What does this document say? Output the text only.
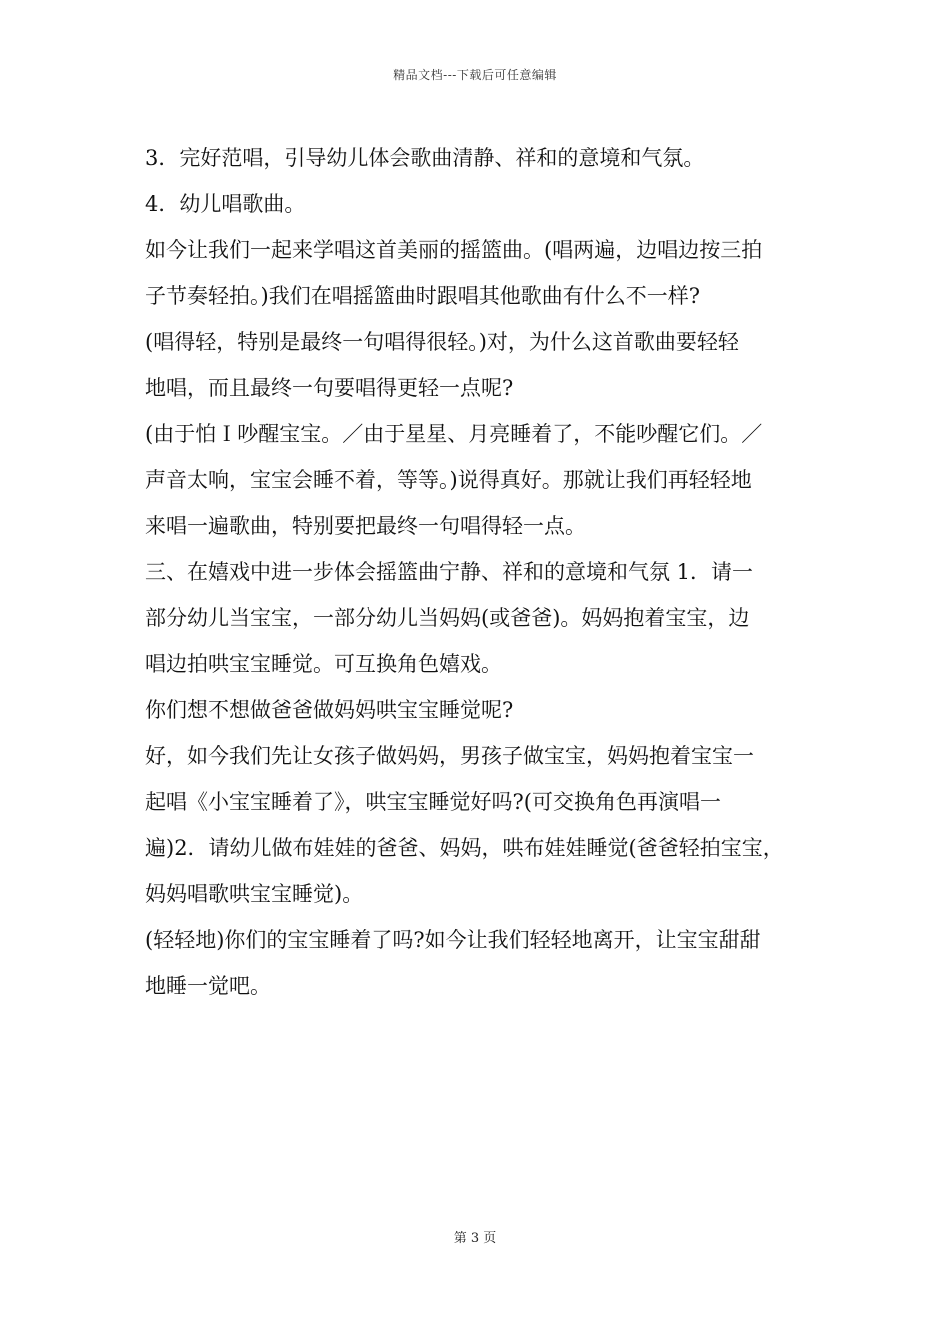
精品文档---下载后可任意编辑

3．完好范唱，引导幼儿体会歌曲清静、祥和的意境和气氛。

4．幼儿唱歌曲。

如今让我们一起来学唱这首美丽的摇篮曲。(唱两遍，边唱边按三拍

子节奏轻拍。)我们在唱摇篮曲时跟唱其他歌曲有什么不一样?

(唱得轻，特别是最终一句唱得很轻。)对，为什么这首歌曲要轻轻

地唱，而且最终一句要唱得更轻一点呢?

(由于怕Ｉ吵醒宝宝。／由于星星、月亮睡着了，不能吵醒它们。／

声音太响，宝宝会睡不着，等等。)说得真好。那就让我们再轻轻地

来唱一遍歌曲，特别要把最终一句唱得轻一点。

三、在嬉戏中进一步体会摇篮曲宁静、祥和的意境和气氛 1．请一

部分幼儿当宝宝，一部分幼儿当妈妈(或爸爸)。妈妈抱着宝宝，边

唱边拍哄宝宝睡觉。可互换角色嬉戏。

你们想不想做爸爸做妈妈哄宝宝睡觉呢?

好，如今我们先让女孩子做妈妈，男孩子做宝宝，妈妈抱着宝宝一

起唱《小宝宝睡着了》，哄宝宝睡觉好吗?(可交换角色再演唱一

遍)2．请幼儿做布娃娃的爸爸、妈妈，哄布娃娃睡觉(爸爸轻拍宝宝，

妈妈唱歌哄宝宝睡觉)。

(轻轻地)你们的宝宝睡着了吗?如今让我们轻轻地离开，让宝宝甜甜

地睡一觉吧。

第 3 页
